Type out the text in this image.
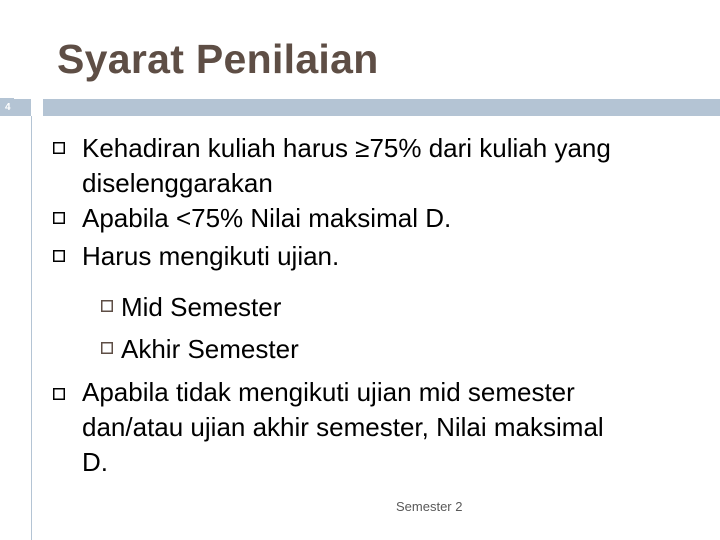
Syarat Penilaian
4
Kehadiran kuliah harus ≥75% dari kuliah yang
diselenggarakan
Apabila <75% Nilai maksimal D.
Harus mengikuti ujian.
Mid Semester
Akhir Semester
Apabila tidak mengikuti ujian mid semester
dan/atau ujian akhir semester, Nilai maksimal
D.
Semester 2
